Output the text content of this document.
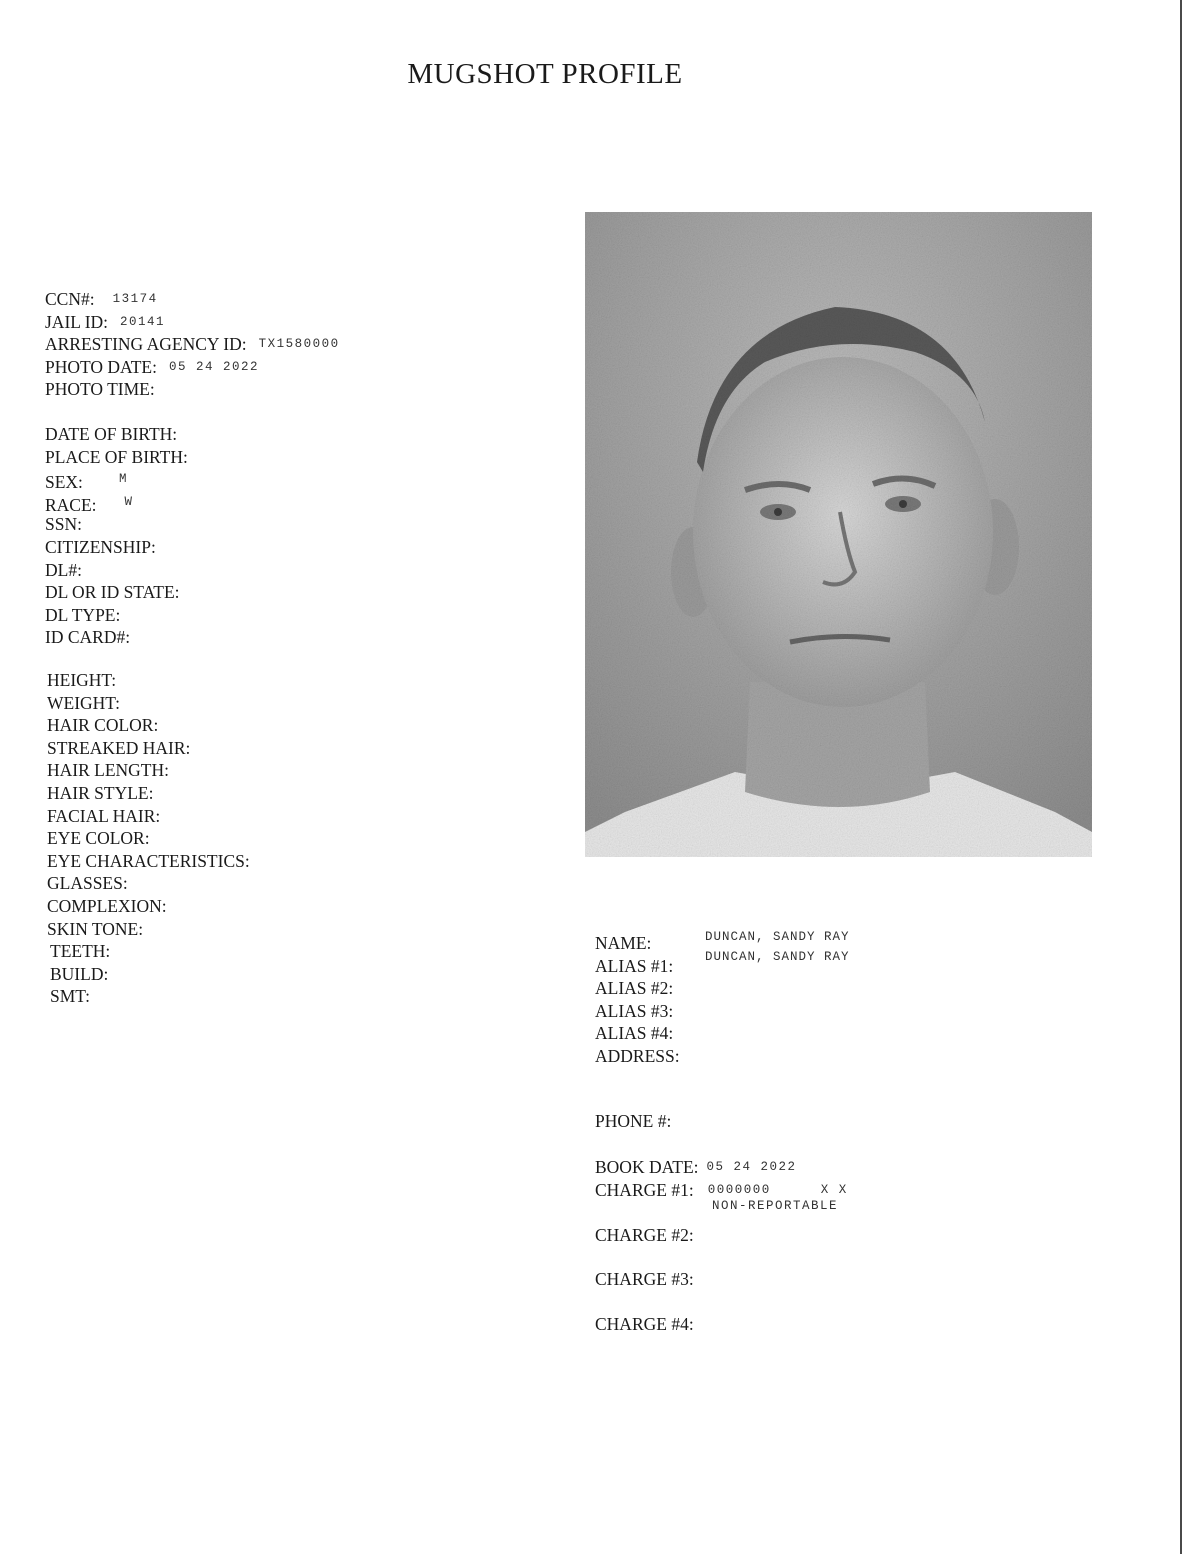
MUGSHOT PROFILE
CCN#: 13174
JAIL ID: 20141
ARRESTING AGENCY ID: TX1580000
PHOTO DATE: 05 24 2022
PHOTO TIME:
DATE OF BIRTH:
PLACE OF BIRTH:
SEX:	$^M$
RACE: $^W$
SSN:
CITIZENSHIP:
DL#:
DL OR ID STATE:
DL TYPE:
ID CARD#:
HEIGHT:
WEIGHT:
HAIR COLOR:
STREAKED HAIR:
HAIR LENGTH:
HAIR STYLE:
FACIAL HAIR:
EYE COLOR:
EYE CHARACTERISTICS:
GLASSES:
COMPLEXION:
SKIN TONE:
TEETH:
BUILD:
SMT:
NAME:	DUNCAN, SANDY RAY
ALIAS #1:	DUNCAN, SANDY RAY
ALIAS #2:
ALIAS #3:
ALIAS #4:
ADDRESS:
PHONE #:
BOOK DATE: 05 24 2022
CHARGE #1: 0000000	X X
NON-REPORTABLE
CHARGE #2:
CHARGE #3:
CHARGE #4:
